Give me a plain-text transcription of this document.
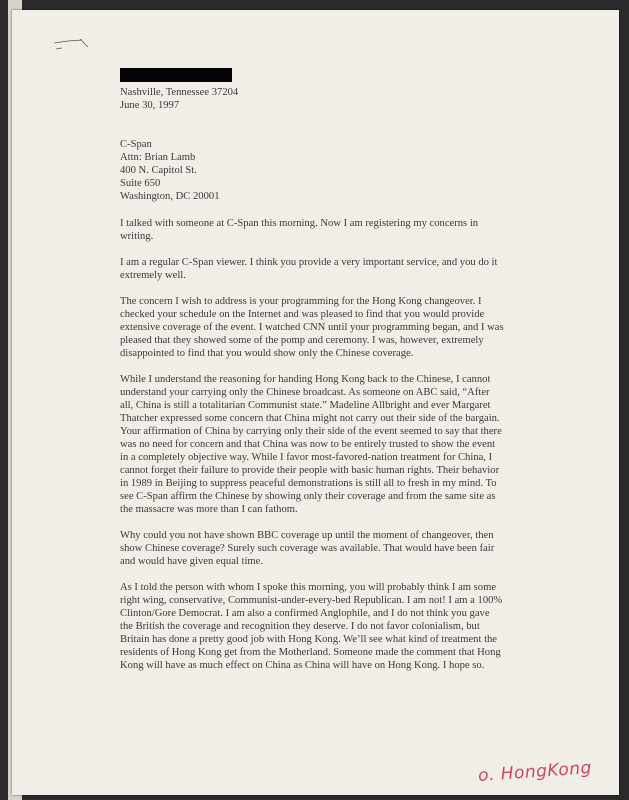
Nashville, Tennessee 37204
June 30, 1997
C-Span
Attn: Brian Lamb
400 N. Capitol St.
Suite 650
Washington, DC 20001
I talked with someone at C-Span this morning. Now I am registering my concerns in
writing.
I am a regular C-Span viewer. I think you provide a very important service, and you do it
extremely well.
The concern I wish to address is your programming for the Hong Kong changeover. I
checked your schedule on the Internet and was pleased to find that you would provide
extensive coverage of the event. I watched CNN until your programming began, and I was
pleased that they showed some of the pomp and ceremony. I was, however, extremely
disappointed to find that you would show only the Chinese coverage.
While I understand the reasoning for handing Hong Kong back to the Chinese, I cannot
understand your carrying only the Chinese broadcast. As someone on ABC said, “After
all, China is still a totalitarian Communist state.” Madeline Allbright and ever Margaret
Thatcher expressed some concern that China might not carry out their side of the bargain.
Your affirmation of China by carrying only their side of the event seemed to say that there
was no need for concern and that China was now to be entirely trusted to show the event
in a completely objective way. While I favor most-favored-nation treatment for China, I
cannot forget their failure to provide their people with basic human rights. Their behavior
in 1989 in Beijing to suppress peaceful demonstrations is still all to fresh in my mind. To
see C-Span affirm the Chinese by showing only their coverage and from the same site as
the massacre was more than I can fathom.
Why could you not have shown BBC coverage up until the moment of changeover, then
show Chinese coverage? Surely such coverage was available. That would have been fair
and would have given equal time.
As I told the person with whom I spoke this morning, you will probably think I am some
right wing, conservative, Communist-under-every-bed Republican. I am not! I am a 100%
Clinton/Gore Democrat. I am also a confirmed Anglophile, and I do not think you gave
the British the coverage and recognition they deserve. I do not favor colonialism, but
Britain has done a pretty good job with Hong Kong. We’ll see what kind of treatment the
residents of Hong Kong get from the Motherland. Someone made the comment that Hong
Kong will have as much effect on China as China will have on Hong Kong. I hope so.
o. HongKong
